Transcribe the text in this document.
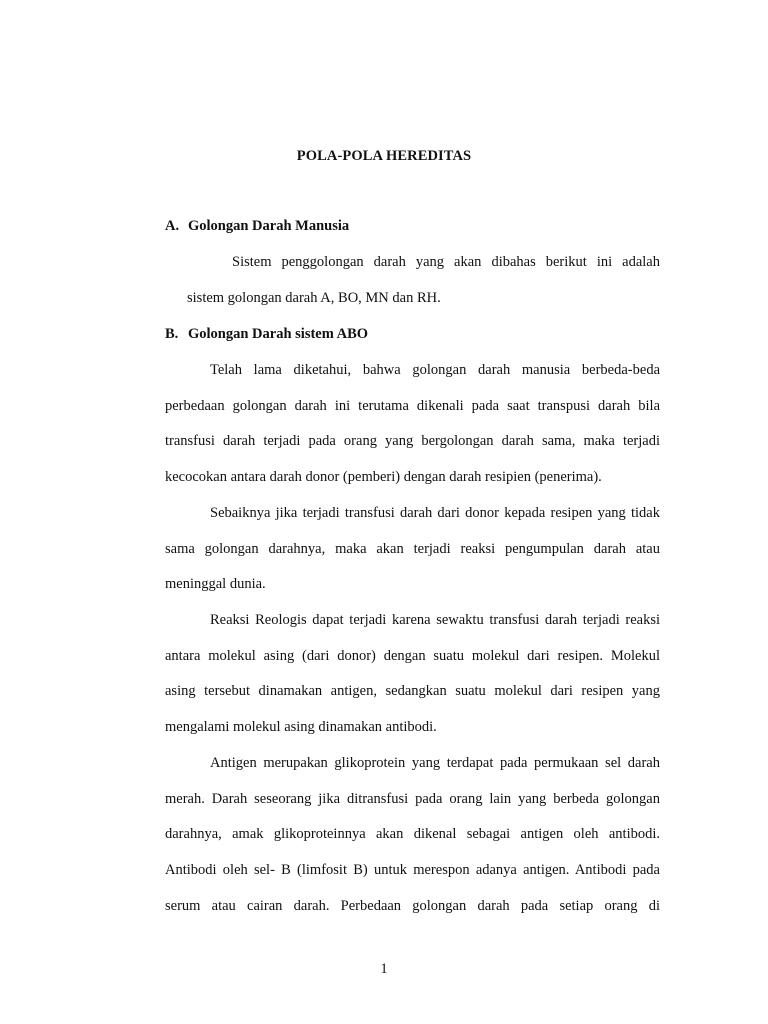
POLA-POLA HEREDITAS
A. Golongan Darah Manusia
Sistem penggolongan darah yang akan dibahas berikut ini adalah
sistem golongan darah A, BO, MN dan RH.
B. Golongan Darah sistem ABO
Telah lama diketahui, bahwa golongan darah manusia berbeda-beda
perbedaan golongan darah ini terutama dikenali pada saat transpusi darah bila
transfusi darah terjadi pada orang yang bergolongan darah sama, maka terjadi
kecocokan antara darah donor (pemberi) dengan darah resipien (penerima).
Sebaiknya jika terjadi transfusi darah dari donor kepada resipen yang tidak
sama golongan darahnya, maka akan terjadi reaksi pengumpulan darah atau
meninggal dunia.
Reaksi Reologis dapat terjadi karena sewaktu transfusi darah terjadi reaksi
antara molekul asing (dari donor) dengan suatu molekul dari resipen. Molekul
asing tersebut dinamakan antigen, sedangkan suatu molekul dari resipen yang
mengalami molekul asing dinamakan antibodi.
Antigen merupakan glikoprotein yang terdapat pada permukaan sel darah
merah. Darah seseorang jika ditransfusi pada orang lain yang berbeda golongan
darahnya, amak glikoproteinnya akan dikenal sebagai antigen oleh antibodi.
Antibodi oleh sel- B (limfosit B) untuk merespon adanya antigen. Antibodi pada
serum atau cairan darah. Perbedaan golongan darah pada setiap orang di
1
